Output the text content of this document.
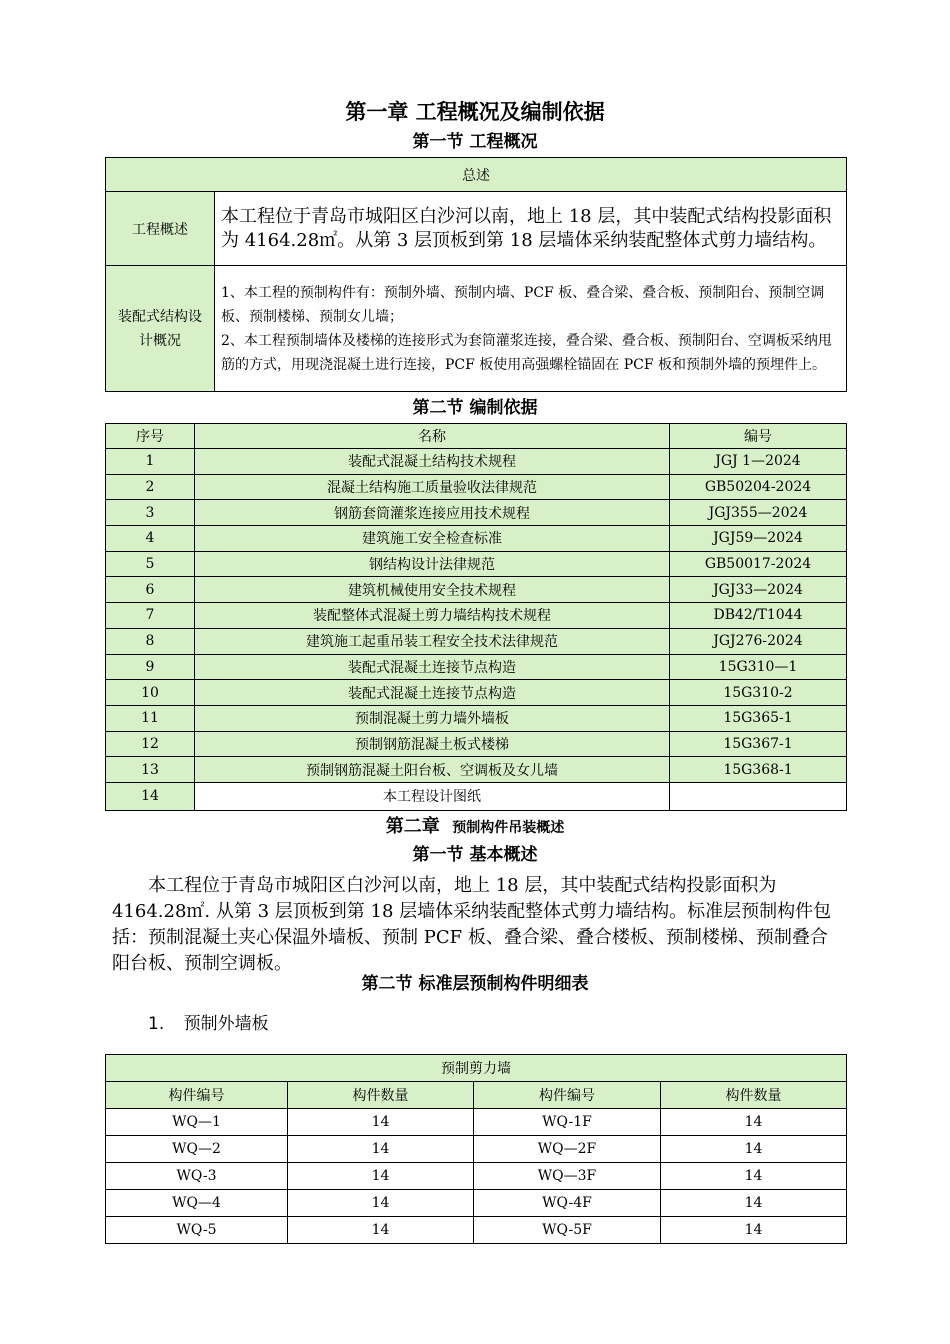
第一章 工程概况及编制依据
第一节 工程概况
总述	
工程概述	本工程位于青岛市城阳区白沙河以南，地上 18 层，其中装配式结构投影面积为 4164.28㎡。从第 3 层顶板到第 18 层墙体采纳装配整体式剪力墙结构。
装配式结构设计概况	1、本工程的预制构件有：预制外墙、预制内墙、PCF 板、叠合梁、叠合板、预制阳台、预制空调板、预制楼梯、预制女儿墙；
2、本工程预制墙体及楼梯的连接形式为套筒灌浆连接，叠合梁、叠合板、预制阳台、空调板采纳甩筋的方式，用现浇混凝土进行连接，PCF 板使用高强螺栓锚固在 PCF 板和预制外墙的预埋件上。
第二节 编制依据
序号	名称	编号
1	装配式混凝土结构技术规程	JGJ 1—2024
2	混凝土结构施工质量验收法律规范	GB50204-2024
3	钢筋套筒灌浆连接应用技术规程	JGJ355—2024
4	建筑施工安全检查标准	JGJ59—2024
5	钢结构设计法律规范	GB50017-2024
6	建筑机械使用安全技术规程	JGJ33—2024
7	装配整体式混凝土剪力墙结构技术规程	DB42/T1044
8	建筑施工起重吊装工程安全技术法律规范	JGJ276-2024
9	装配式混凝土连接节点构造	15G310—1
10	装配式混凝土连接节点构造	15G310-2
11	预制混凝土剪力墙外墙板	15G365-1
12	预制钢筋混凝土板式楼梯	15G367-1
13	预制钢筋混凝土阳台板、空调板及女儿墙	15G368-1
14	本工程设计图纸	
第二章 预制构件吊装概述
第一节 基本概述
本工程位于青岛市城阳区白沙河以南，地上 18 层，其中装配式结构投影面积为 4164.28㎡. 从第 3 层顶板到第 18 层墙体采纳装配整体式剪力墙结构。标准层预制构件包括：预制混凝土夹心保温外墙板、预制 PCF 板、叠合梁、叠合楼板、预制楼梯、预制叠合阳台板、预制空调板。
第二节 标准层预制构件明细表
1. 预制外墙板
预制剪力墙			
构件编号	构件数量	构件编号	构件数量
WQ—1	14	WQ-1F	14
WQ—2	14	WQ—2F	14
WQ-3	14	WQ—3F	14
WQ—4	14	WQ-4F	14
WQ-5	14	WQ-5F	14
